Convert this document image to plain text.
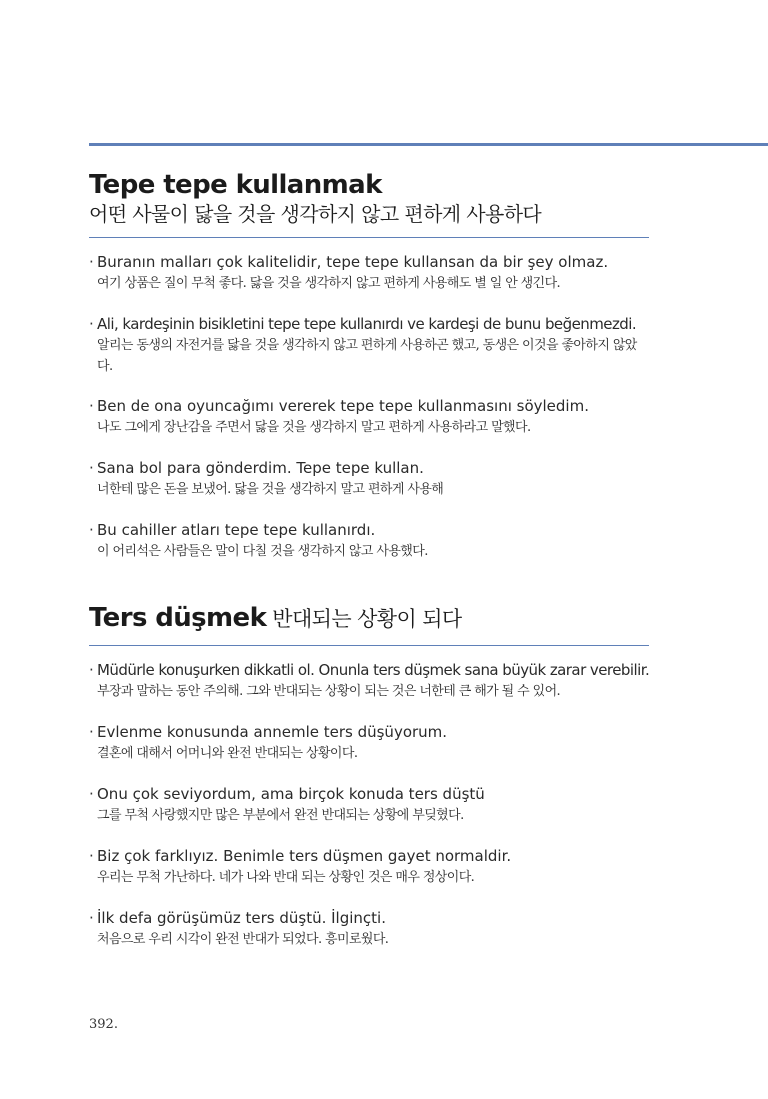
Tepe tepe kullanmak
어떤 사물이 닳을 것을 생각하지 않고 편하게 사용하다
· Buranın malları çok kalitelidir, tepe tepe kullansan da bir şey olmaz.
여기 상품은 질이 무척 좋다. 닳을 것을 생각하지 않고 편하게 사용해도 별 일 안 생긴다.
· Ali, kardeşinin bisikletini tepe tepe kullanırdı ve kardeşi de bunu beğenmezdi.
알리는 동생의 자전거를 닳을 것을 생각하지 않고 편하게 사용하곤 했고, 동생은 이것을 좋아하지 않았다.
· Ben de ona oyuncağımı vererek tepe tepe kullanmasını söyledim.
나도 그에게 장난감을 주면서 닳을 것을 생각하지 말고 편하게 사용하라고 말했다.
· Sana bol para gönderdim. Tepe tepe kullan.
너한테 많은 돈을 보냈어. 닳을 것을 생각하지 말고 편하게 사용해
· Bu cahiller atları tepe tepe kullanırdı.
이 어리석은 사람들은 말이 다칠 것을 생각하지 않고 사용했다.
Ters düşmek 반대되는 상황이 되다
· Müdürle konuşurken dikkatli ol. Onunla ters düşmek sana büyük zarar verebilir.
부장과 말하는 동안 주의해. 그와 반대되는 상황이 되는 것은 너한테 큰 해가 될 수 있어.
· Evlenme konusunda annemle ters düşüyorum.
결혼에 대해서 어머니와 완전 반대되는 상황이다.
· Onu çok seviyordum, ama birçok konuda ters düştü
그를 무척 사랑했지만 많은 부분에서 완전 반대되는 상황에 부딪혔다.
· Biz çok farklıyız. Benimle ters düşmen gayet normaldir.
우리는 무척 가난하다. 네가 나와 반대 되는 상황인 것은 매우 정상이다.
· İlk defa görüşümüz ters düştü. İlginçti.
처음으로 우리 시각이 완전 반대가 되었다. 흥미로웠다.
392.
